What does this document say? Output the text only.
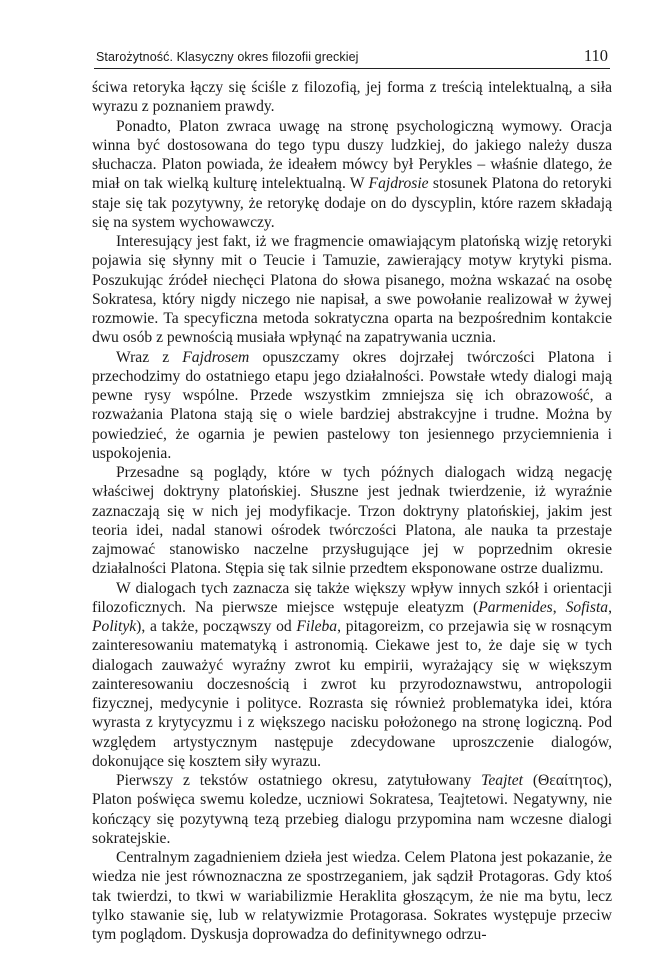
Starożytność. Klasyczny okres filozofii greckiej	110

ściwa retoryka łączy się ściśle z filozofią, jej forma z treścią intelektualną, a siła wyrazu z poznaniem prawdy.

Ponadto, Platon zwraca uwagę na stronę psychologiczną wymowy. Oracja winna być dostosowana do tego typu duszy ludzkiej, do jakiego należy dusza słuchacza. Platon powiada, że ideałem mówcy był Perykles – właśnie dlatego, że miał on tak wielką kulturę intelektualną. W Fajdrosie stosunek Platona do retoryki staje się tak pozytywny, że retorykę dodaje on do dyscyplin, które razem składają się na system wychowawczy.

Interesujący jest fakt, iż we fragmencie omawiającym platońską wizję retoryki pojawia się słynny mit o Teucie i Tamuzie, zawierający motyw krytyki pisma. Poszukując źródeł niechęci Platona do słowa pisanego, można wskazać na osobę Sokratesa, który nigdy niczego nie napisał, a swe powołanie realizował w żywej rozmowie. Ta specyficzna metoda sokratyczna oparta na bezpośrednim kontakcie dwu osób z pewnością musiała wpłynąć na zapatrywania ucznia.

Wraz z Fajdrosem opuszczamy okres dojrzałej twórczości Platona i przechodzimy do ostatniego etapu jego działalności. Powstałe wtedy dialogi mają pewne rysy wspólne. Przede wszystkim zmniejsza się ich obrazowość, a rozważania Platona stają się o wiele bardziej abstrakcyjne i trudne. Można by powiedzieć, że ogarnia je pewien pastelowy ton jesiennego przyciemnienia i uspokojenia.

Przesadne są poglądy, które w tych późnych dialogach widzą negację właściwej doktryny platońskiej. Słuszne jest jednak twierdzenie, iż wyraźnie zaznaczają się w nich jej modyfikacje. Trzon doktryny platońskiej, jakim jest teoria idei, nadal stanowi ośrodek twórczości Platona, ale nauka ta przestaje zajmować stanowisko naczelne przysługujące jej w poprzednim okresie działalności Platona. Stępia się tak silnie przedtem eksponowane ostrze dualizmu.

W dialogach tych zaznacza się także większy wpływ innych szkół i orientacji filozoficznych. Na pierwsze miejsce wstępuje eleatyzm (Parmenides, Sofista, Polityk), a także, począwszy od Fileba, pitagoreizm, co przejawia się w rosnącym zainteresowaniu matematyką i astronomią. Ciekawe jest to, że daje się w tych dialogach zauważyć wyraźny zwrot ku empirii, wyrażający się w większym zainteresowaniu doczesnością i zwrot ku przyrodoznawstwu, antropologii fizycznej, medycynie i polityce. Rozrasta się również problematyka idei, która wyrasta z krytycyzmu i z większego nacisku położonego na stronę logiczną. Pod względem artystycznym następuje zdecydowane uproszczenie dialogów, dokonujące się kosztem siły wyrazu.

Pierwszy z tekstów ostatniego okresu, zatytułowany Teajtet (Θεαίτητος), Platon poświęca swemu koledze, uczniowi Sokratesa, Teajtetowi. Negatywny, nie kończący się pozytywną tezą przebieg dialogu przypomina nam wczesne dialogi sokratejskie.

Centralnym zagadnieniem dzieła jest wiedza. Celem Platona jest pokazanie, że wiedza nie jest równoznaczna ze spostrzeganiem, jak sądził Protagoras. Gdy ktoś tak twierdzi, to tkwi w wariabilizmie Heraklita głoszącym, że nie ma bytu, lecz tylko stawanie się, lub w relatywizmie Protagorasa. Sokrates występuje przeciw tym poglądom. Dyskusja doprowadza do definitywnego odrzu-
